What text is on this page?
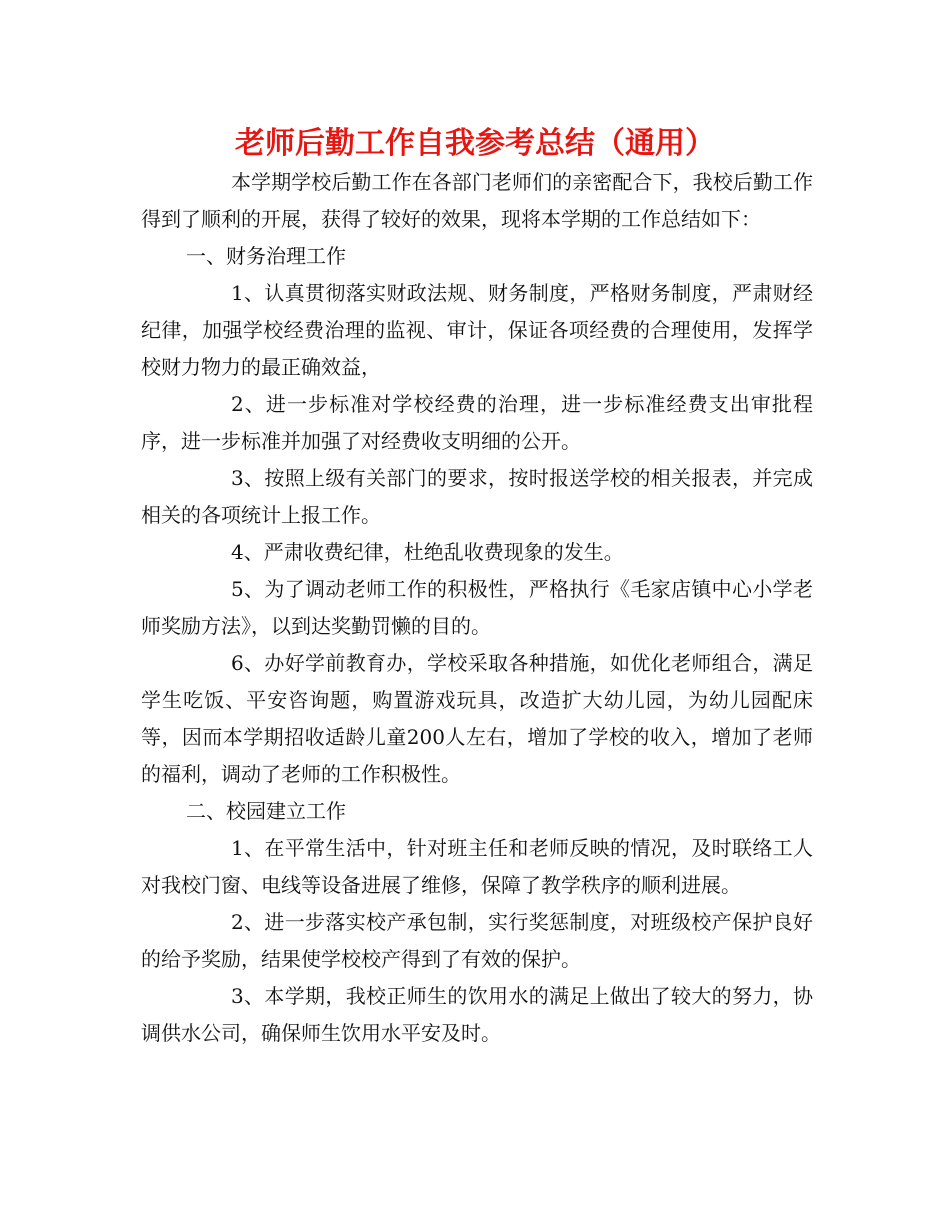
老师后勤工作自我参考总结（通用）

本学期学校后勤工作在各部门老师们的亲密配合下，我校后勤工作得到了顺利的开展，获得了较好的效果，现将本学期的工作总结如下：

一、财务治理工作

1、认真贯彻落实财政法规、财务制度，严格财务制度，严肃财经纪律，加强学校经费治理的监视、审计，保证各项经费的合理使用，发挥学校财力物力的最正确效益，

2、进一步标准对学校经费的治理，进一步标准经费支出审批程序，进一步标准并加强了对经费收支明细的公开。

3、按照上级有关部门的要求，按时报送学校的相关报表，并完成相关的各项统计上报工作。

4、严肃收费纪律，杜绝乱收费现象的发生。

5、为了调动老师工作的积极性，严格执行《毛家店镇中心小学老师奖励方法》，以到达奖勤罚懒的目的。

6、办好学前教育办，学校采取各种措施，如优化老师组合，满足学生吃饭、平安咨询题，购置游戏玩具，改造扩大幼儿园，为幼儿园配床等，因而本学期招收适龄儿童200人左右，增加了学校的收入，增加了老师的福利，调动了老师的工作积极性。

二、校园建立工作

1、在平常生活中，针对班主任和老师反映的情况，及时联络工人对我校门窗、电线等设备进展了维修，保障了教学秩序的顺利进展。

2、进一步落实校产承包制，实行奖惩制度，对班级校产保护良好的给予奖励，结果使学校校产得到了有效的保护。

3、本学期，我校正师生的饮用水的满足上做出了较大的努力，协调供水公司，确保师生饮用水平安及时。
